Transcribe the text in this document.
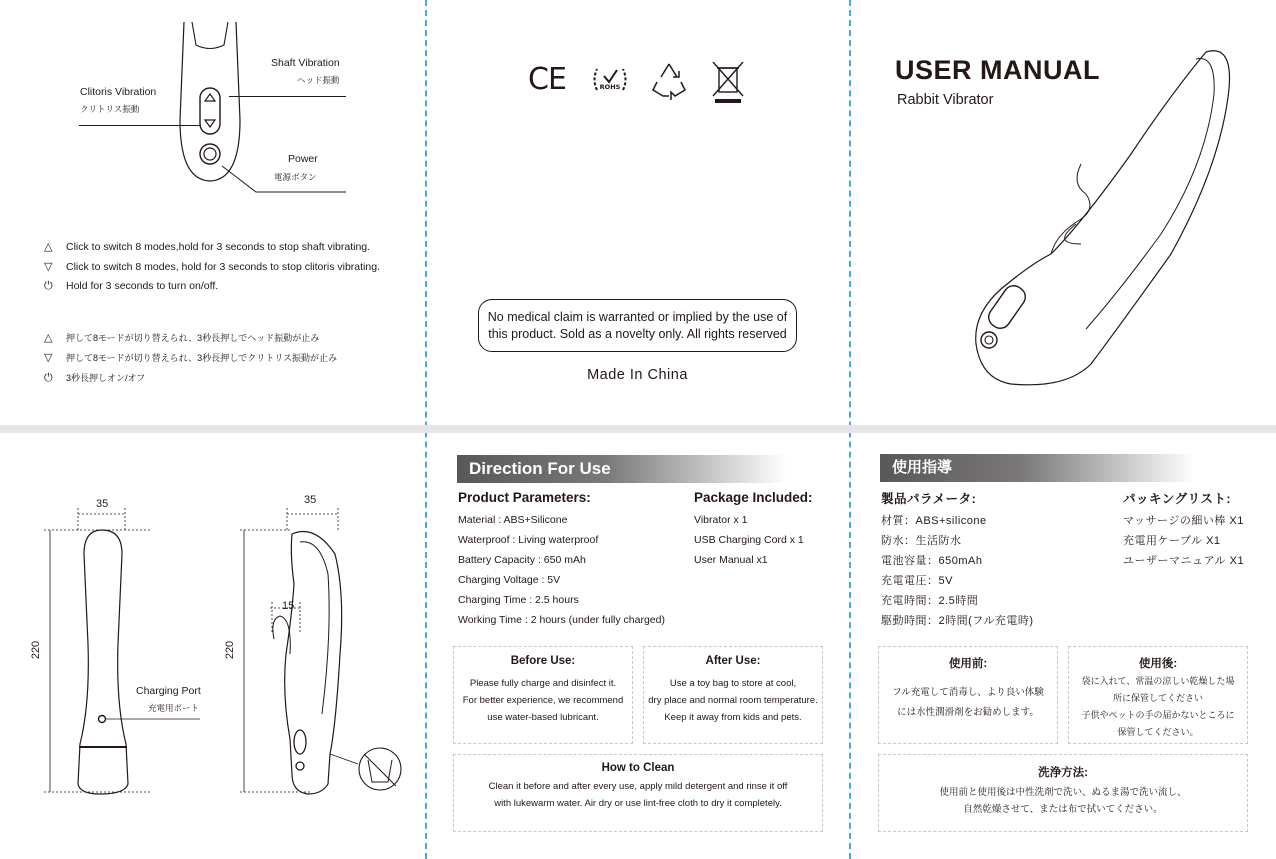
Shaft Vibration
ヘッド振動
Clitoris Vibration
クリトリス振動
Power
電源ボタン
△ Click to switch 8 modes,hold for 3 seconds to stop shaft vibrating.
▽ Click to switch 8 modes, hold for 3 seconds to stop clitoris vibrating.
⏻ Hold for 3 seconds to turn on/off.
△ 押して8モードが切り替えられ、3秒長押しでヘッド振動が止み
▽ 押して8モードが切り替えられ、3秒長押しでクリトリス振動が止み
⏻ 3秒長押しオン/オフ
CE	ROHS
No medical claim is warranted or implied by the use of
this product. Sold as a novelty only. All rights reserved
Made In China
USER MANUAL
Rabbit Vibrator
35
220
Charging Port
充電用ポート
35
15
220
Direction For Use
Product Parameters:
Material : ABS+Silicone
Waterproof : Living waterproof
Battery Capacity : 650 mAh
Charging Voltage : 5V
Charging Time : 2.5 hours
Working Time : 2 hours (under fully charged)
Package Included:
Vibrator x 1
USB Charging Cord x 1
User Manual x1
Before Use:
Please fully charge and disinfect it.
For better experience, we recommend
use water-based lubricant.
After Use:
Use a toy bag to store at cool,
dry place and normal room temperature.
Keep it away from kids and pets.
How to Clean
Clean it before and after every use, apply mild detergent and rinse it off
with lukewarm water. Air dry or use lint-free cloth to dry it completely.
使用指導
製品パラメータ:
材質：ABS+silicone
防水：生活防水
電池容量：650mAh
充電電圧：5V
充電時間：2.5時間
駆動時間：2時間(フル充電時)
パッキングリスト:
マッサージの細い棒 X1
充電用ケーブル X1
ユーザーマニュアル X1
使用前:
フル充電して消毒し、より良い体験
には水性潤滑剤をお勧めします。
使用後:
袋に入れて、常温の涼しい乾燥した場
所に保管してください
子供やペットの手の届かないところに
保管してください。
洗浄方法:
使用前と使用後は中性洗剤で洗い、ぬるま湯で洗い流し、
自然乾燥させて、または布で拭いてください。
